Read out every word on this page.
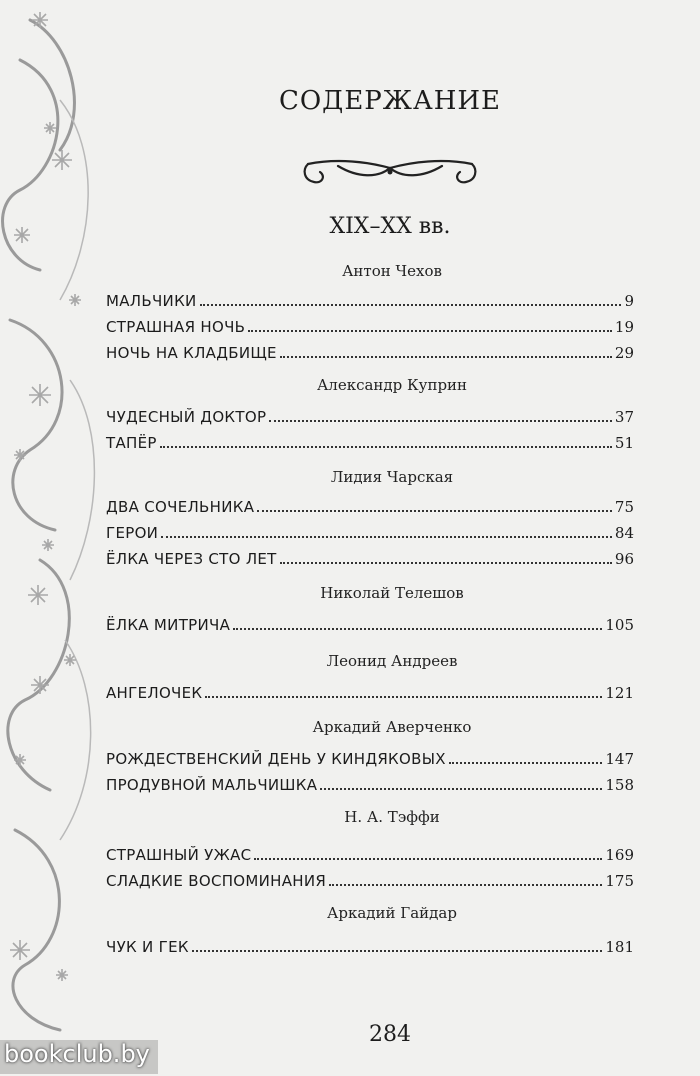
СОДЕРЖАНИЕ
XIX–XX вв.
Антон Чехов
МАЛЬЧИКИ	9
СТРАШНАЯ НОЧЬ	19
НОЧЬ НА КЛАДБИЩЕ	29
Александр Куприн
ЧУДЕСНЫЙ ДОКТОР	37
ТАПЁР	51
Лидия Чарская
ДВА СОЧЕЛЬНИКА	75
ГЕРОИ	84
ЁЛКА ЧЕРЕЗ СТО ЛЕТ	96
Николай Телешов
ЁЛКА МИТРИЧА	105
Леонид Андреев
АНГЕЛОЧЕК	121
Аркадий Аверченко
РОЖДЕСТВЕНСКИЙ ДЕНЬ У КИНДЯКОВЫХ	147
ПРОДУВНОЙ МАЛЬЧИШКА	158
Н. А. Тэффи
СТРАШНЫЙ УЖАС	169
СЛАДКИЕ ВОСПОМИНАНИЯ	175
Аркадий Гайдар
ЧУК И ГЕК	181
284
bookclub.by
